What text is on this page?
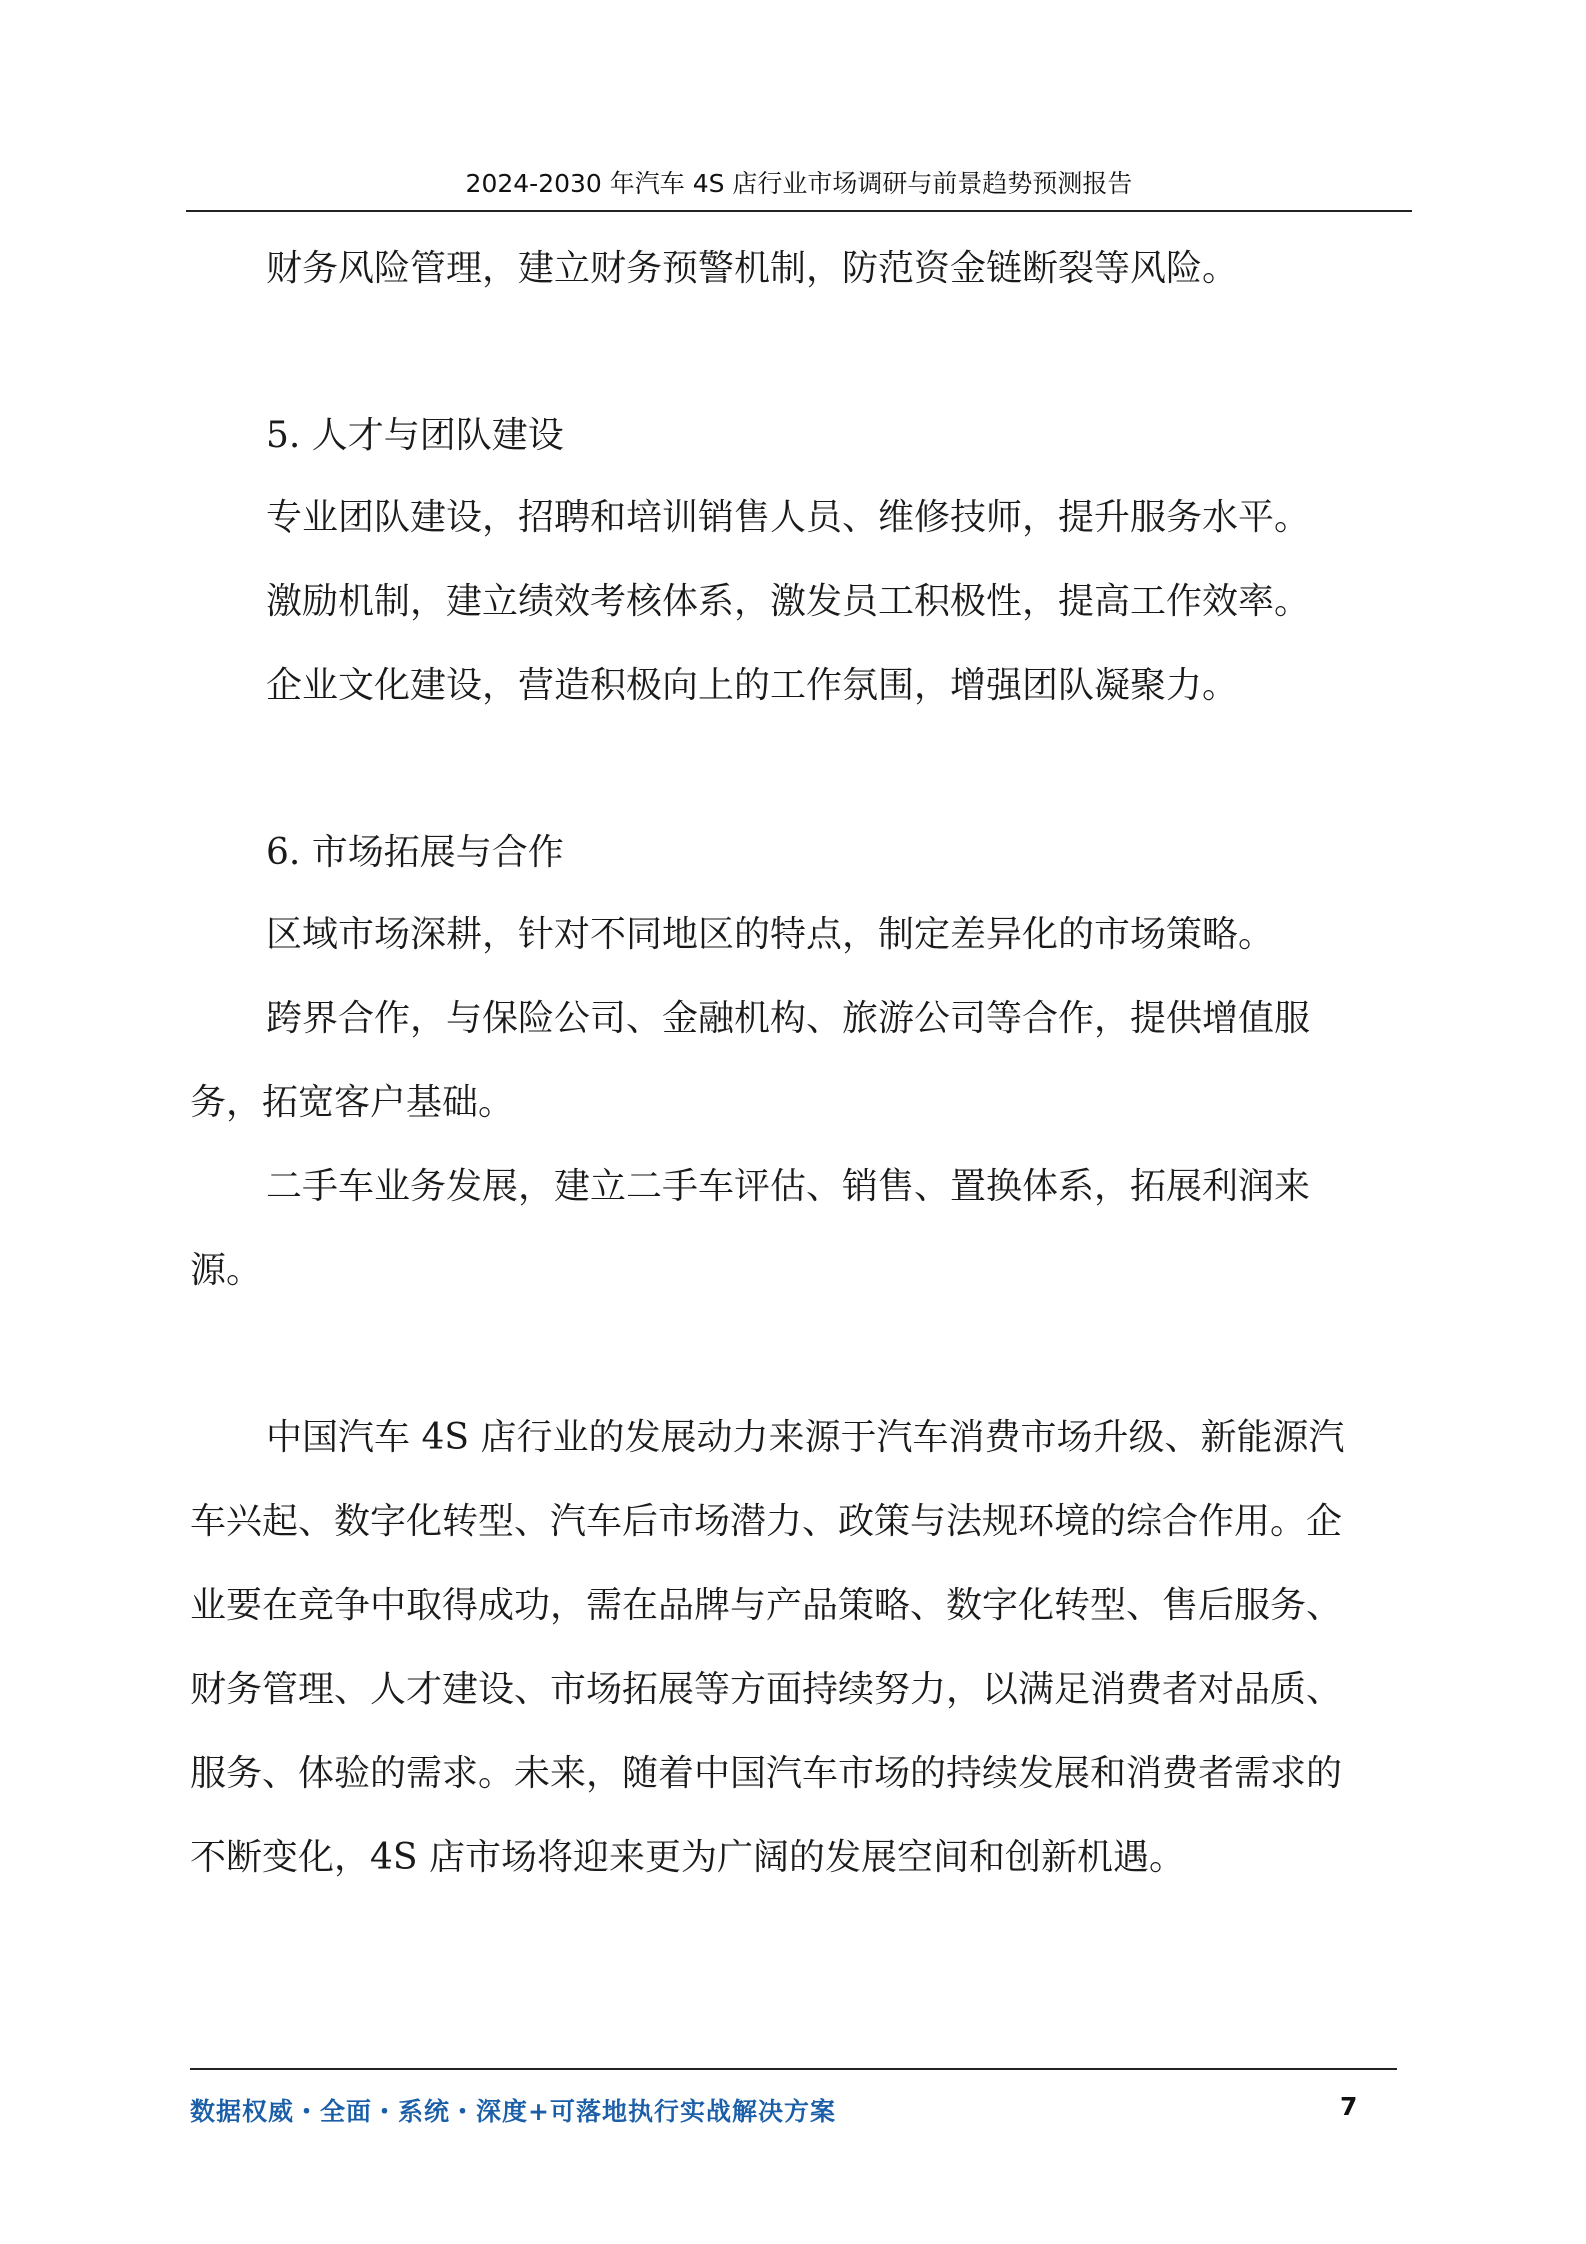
2024-2030 年汽车 4S 店行业市场调研与前景趋势预测报告
财务风险管理，建立财务预警机制，防范资金链断裂等风险。
5. 人才与团队建设
专业团队建设，招聘和培训销售人员、维修技师，提升服务水平。
激励机制，建立绩效考核体系，激发员工积极性，提高工作效率。
企业文化建设，营造积极向上的工作氛围，增强团队凝聚力。
6. 市场拓展与合作
区域市场深耕，针对不同地区的特点，制定差异化的市场策略。
跨界合作，与保险公司、金融机构、旅游公司等合作，提供增值服
务，拓宽客户基础。
二手车业务发展，建立二手车评估、销售、置换体系，拓展利润来
源。
中国汽车 4S 店行业的发展动力来源于汽车消费市场升级、新能源汽
车兴起、数字化转型、汽车后市场潜力、政策与法规环境的综合作用。企
业要在竞争中取得成功，需在品牌与产品策略、数字化转型、售后服务、
财务管理、人才建设、市场拓展等方面持续努力，以满足消费者对品质、
服务、体验的需求。未来，随着中国汽车市场的持续发展和消费者需求的
不断变化，4S 店市场将迎来更为广阔的发展空间和创新机遇。
数据权威・全面・系统・深度+可落地执行实战解决方案	7
